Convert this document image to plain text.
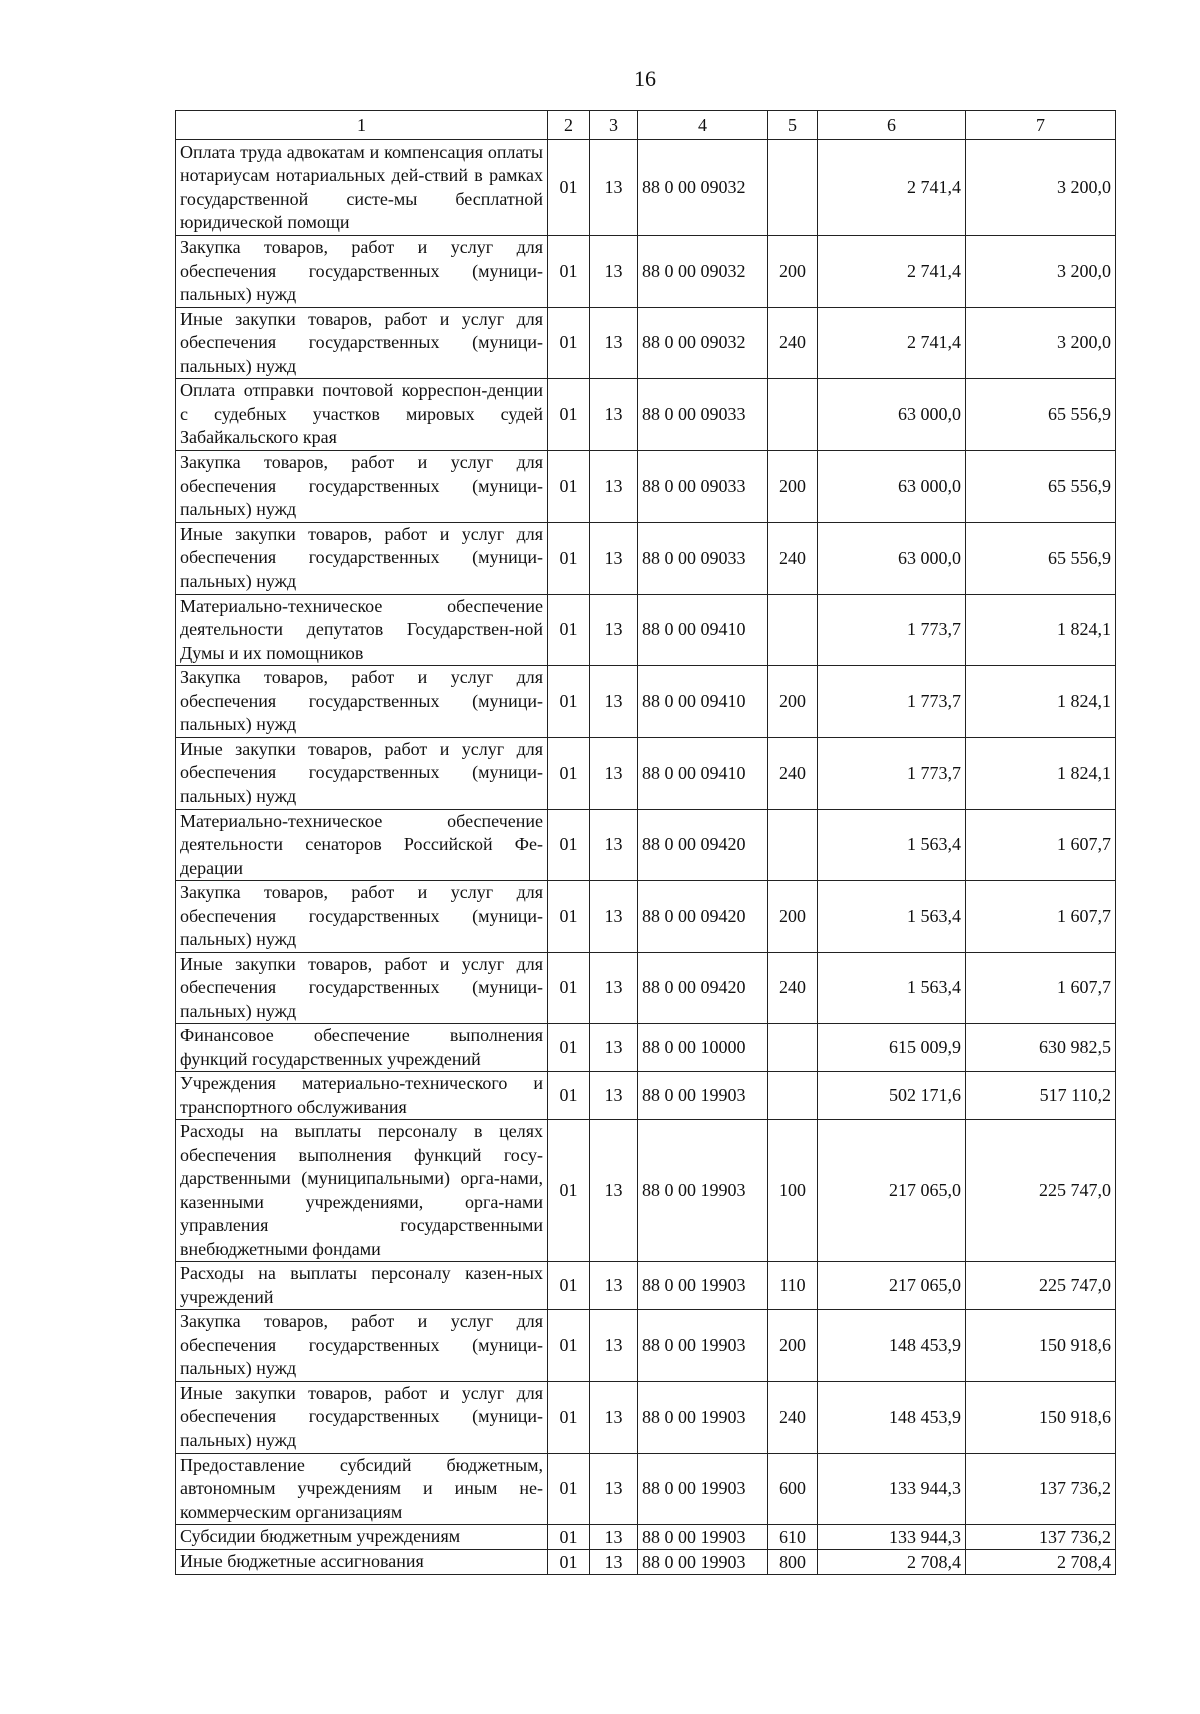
16
1	2	3	4	5	6	7
Оплата труда адвокатам и компенсация оплаты нотариусам нотариальных дей-ствий в рамках государственной систе-мы бесплатной юридической помощи	01	13	88 0 00 09032		2 741,4	3 200,0
Закупка товаров, работ и услуг для обеспечения государственных (муници-пальных) нужд	01	13	88 0 00 09032	200	2 741,4	3 200,0
Иные закупки товаров, работ и услуг для обеспечения государственных (муници-пальных) нужд	01	13	88 0 00 09032	240	2 741,4	3 200,0
Оплата отправки почтовой корреспон-денции с судебных участков мировых судей Забайкальского края	01	13	88 0 00 09033		63 000,0	65 556,9
Закупка товаров, работ и услуг для обеспечения государственных (муници-пальных) нужд	01	13	88 0 00 09033	200	63 000,0	65 556,9
Иные закупки товаров, работ и услуг для обеспечения государственных (муници-пальных) нужд	01	13	88 0 00 09033	240	63 000,0	65 556,9
Материально-техническое обеспечение деятельности депутатов Государствен-ной Думы и их помощников	01	13	88 0 00 09410		1 773,7	1 824,1
Закупка товаров, работ и услуг для обеспечения государственных (муници-пальных) нужд	01	13	88 0 00 09410	200	1 773,7	1 824,1
Иные закупки товаров, работ и услуг для обеспечения государственных (муници-пальных) нужд	01	13	88 0 00 09410	240	1 773,7	1 824,1
Материально-техническое обеспечение деятельности сенаторов Российской Фе-дерации	01	13	88 0 00 09420		1 563,4	1 607,7
Закупка товаров, работ и услуг для обеспечения государственных (муници-пальных) нужд	01	13	88 0 00 09420	200	1 563,4	1 607,7
Иные закупки товаров, работ и услуг для обеспечения государственных (муници-пальных) нужд	01	13	88 0 00 09420	240	1 563,4	1 607,7
Финансовое обеспечение выполнения функций государственных учреждений	01	13	88 0 00 10000		615 009,9	630 982,5
Учреждения материально-технического и транспортного обслуживания	01	13	88 0 00 19903		502 171,6	517 110,2
Расходы на выплаты персоналу в целях обеспечения выполнения функций госу-дарственными (муниципальными) орга-нами, казенными учреждениями, орга-нами управления государственными внебюджетными фондами	01	13	88 0 00 19903	100	217 065,0	225 747,0
Расходы на выплаты персоналу казен-ных учреждений	01	13	88 0 00 19903	110	217 065,0	225 747,0
Закупка товаров, работ и услуг для обеспечения государственных (муници-пальных) нужд	01	13	88 0 00 19903	200	148 453,9	150 918,6
Иные закупки товаров, работ и услуг для обеспечения государственных (муници-пальных) нужд	01	13	88 0 00 19903	240	148 453,9	150 918,6
Предоставление субсидий бюджетным, автономным учреждениям и иным не-коммерческим организациям	01	13	88 0 00 19903	600	133 944,3	137 736,2
Субсидии бюджетным учреждениям	01	13	88 0 00 19903	610	133 944,3	137 736,2
Иные бюджетные ассигнования	01	13	88 0 00 19903	800	2 708,4	2 708,4
